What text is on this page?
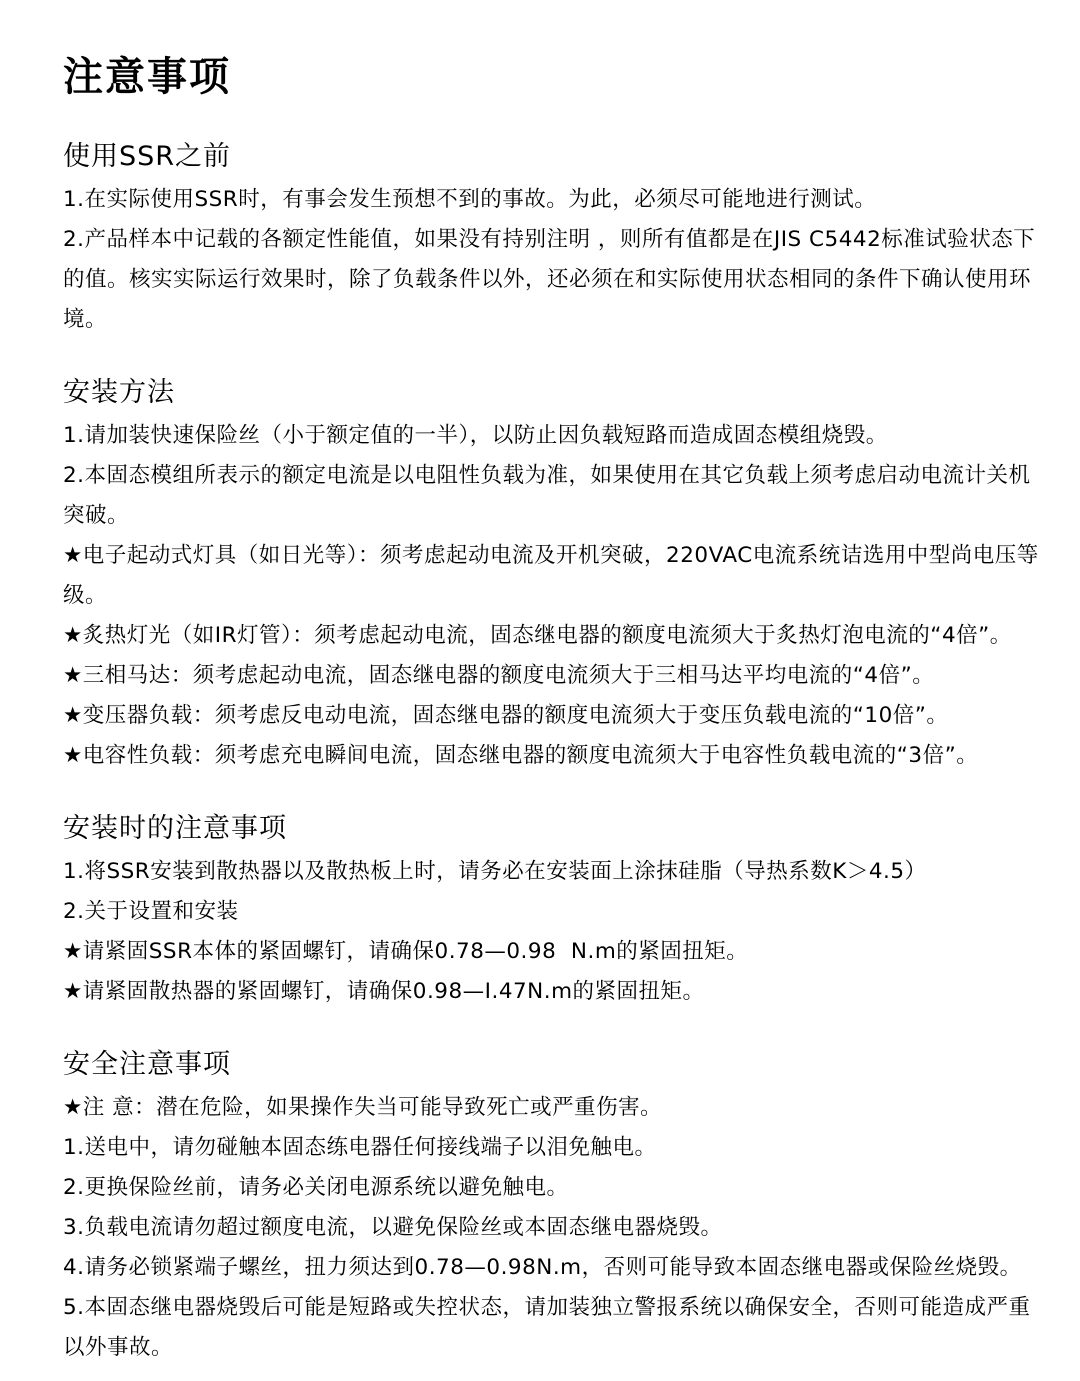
注意事项
使用SSR之前

1.在实际使用SSR时，有事会发生预想不到的事故。为此，必须尽可能地进行测试。

2.产品样本中记载的各额定性能值，如果没有持别注明 ，则所有值都是在JIS C5442标准试验状态下的值。核实实际运行效果时，除了负载条件以外，还必须在和实际使用状态相同的条件下确认使用环境。

安装方法

1.请加装快速保险丝（小于额定值的一半），以防止因负载短路而造成固态模组烧毁。

2.本固态模组所表示的额定电流是以电阻性负载为准，如果使用在其它负载上须考虑启动电流计关机突破。

★电子起动式灯具（如日光等）：须考虑起动电流及开机突破，220VAC电流系统诘选用中型尚电压等级。

★炙热灯光（如IR灯管）：须考虑起动电流，固态继电器的额度电流须大于炙热灯泡电流的“4倍”。

★三相马达：须考虑起动电流，固态继电器的额度电流须大于三相马达平均电流的“4倍”。

★变压器负载：须考虑反电动电流，固态继电器的额度电流须大于变压负载电流的“10倍”。

★电容性负载：须考虑充电瞬间电流，固态继电器的额度电流须大于电容性负载电流的“3倍”。

安装时的注意事项

1.将SSR安装到散热器以及散热板上时，请务必在安装面上涂抹硅脂（导热系数K＞4.5）

2.关于设置和安装

★请紧固SSR本体的紧固螺钉，请确保0.78—0.98  N.m的紧固扭矩。

★请紧固散热器的紧固螺钉，请确保0.98—I.47N.m的紧固扭矩。

安全注意事项

★注 意：潜在危险，如果操作失当可能导致死亡或严重伤害。

1.送电中，请勿碰触本固态练电器任何接线端子以泪免触电。

2.更换保险丝前，请务必关闭电源系统以避免触电。

3.负载电流请勿超过额度电流，以避免保险丝或本固态继电器烧毁。

4.请务必锁紧端子螺丝，扭力须达到0.78—0.98N.m，否则可能导致本固态继电器或保险丝烧毁。

5.本固态继电器烧毁后可能是短路或失控状态，请加装独立警报系统以确保安全，否则可能造成严重以外事故。
